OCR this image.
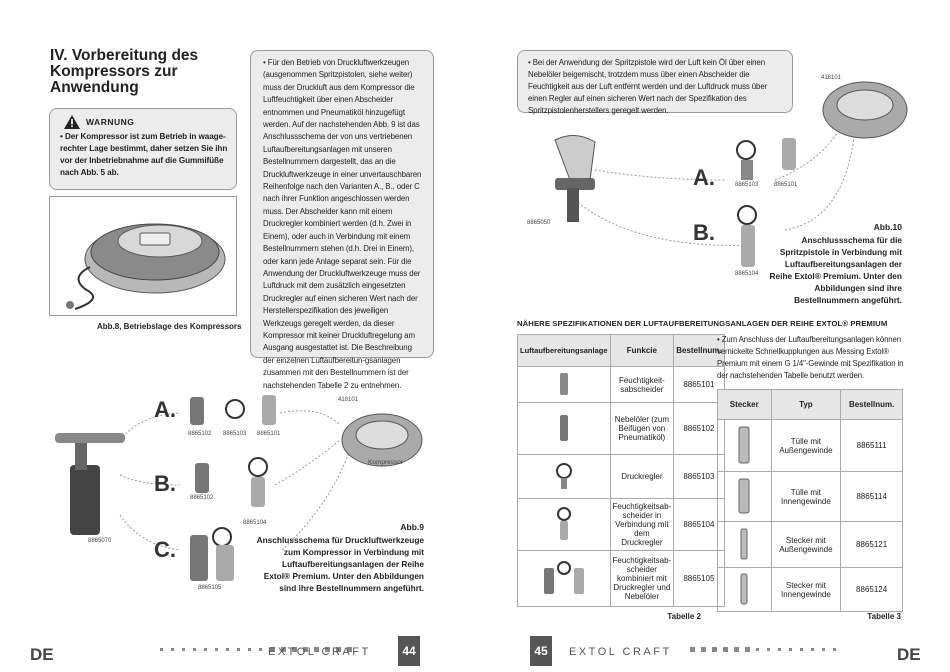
IV. Vorbereitung des Kompressors zur Anwendung
WARNUNG
• Der Kompressor ist zum Betrieb in waage-rechter Lage bestimmt, daher setzen Sie ihn vor der Inbetriebnahme auf die Gummifüße nach Abb. 5 ab.
Abb.8, Betriebslage des Kompressors
• Für den Betrieb von Druckluftwerkzeugen (ausgenommen Spritzpistolen, siehe weiter) muss der Druckluft aus dem Kompressor die Luftfeuchtigkeit über einen Abscheider entnommen und Pneumatiköl hinzugefügt werden. Auf der nachstehenden Abb. 9 ist das Anschlussschema der von uns vertriebenen Luftaufbereitungsanlagen mit unseren Bestellnummern dargestellt, das an die Druckluftwerkzeuge in einer unvertauschbaren Reihenfolge nach den Varianten A., B., oder C nach ihrer Funktion angeschlossen werden muss. Der Abscheider kann mit einem Druckregler kombiniert werden (d.h. Zwei in Einem), oder auch in Verbindung mit einem Bestellnummern stehen (d.h. Drei in Einem), oder kann jede Anlage separat sein. Für die Anwendung der Druckluftwerkzeuge muss der Luftdruck mit dem zusätzlich eingesetzten Druckregler auf einen sicheren Wert nach der Herstellerspezifikation des jeweiligen Werkzeugs geregelt werden, da dieser Kompressor mit keiner Druckluftregelung am Ausgang ausgestattet ist. Die Beschreibung der einzelnen Luftaufbereitun-gsanlagen zusammen mit den Bestellnummern ist der nachstehenden Tabelle 2 zu entnehmen.
A.
B.
C.
8865070
8865102 8865103 8865101
8865102
8865104
8865105
418101
Kompressor
Abb.9
Anschlussschema für Druckluftwerkzeuge zum Kompressor in Verbindung mit Luftaufbereitungsanlagen der Reihe Extol® Premium. Unter den Abbildungen sind ihre Bestellnummern angeführt.
DE	EXTOL CRAFT	44
• Bei der Anwendung der Spritzpistole wird der Luft kein Öl über einen Nebelöler beigemischt, trotzdem muss über einen Abscheider die Feuchtigkeit aus der Luft entfernt werden und der Luftdruck muss über einen Regler auf einen sicheren Wert nach der Spezifikation des Spritzpistolenherstellers geregelt werden.
A.
B.
8865050
8865103	8865101
8865104
418101
Abb.10
Anschlussschema für die Spritzpistole in Verbindung mit Luftaufbereitungsanlagen der Reihe Extol® Premium. Unter den Abbildungen sind ihre Bestellnummern angeführt.
NÄHERE SPEZIFIKATIONEN DER LUFTAUFBEREITUNGSANLAGEN DER REIHE EXTOL® PREMIUM
Luftaufbereitungsanlage	Funkcie	Bestellnum.
	Feuchtigkeit-sabscheider	8865101
	Nebelöler (zum Beifügen von Pneumatiköl)	8865102
	Druckregler	8865103
	Feuchtigkeitsab-scheider in Verbindung mit dem Druckregler	8865104
	Feuchtigkeitsab-scheider kombiniert mit Druckregler und Nebelöler	8865105
Tabelle 2
• Zum Anschluss der Luftaufbereitungsanlagen können vernickelte Schnellkupplungen aus Messing Extol® Premium mit einem G 1/4"-Gewinde mit Spezifikation in der nachstehenden Tabelle benutzt werden.
Stecker	Typ	Bestellnum.
	Tülle mit Außengewinde	8865111
	Tülle mit Innengewinde	8865114
	Stecker mit Außengewinde	8865121
	Stecker mit Innengewinde	8865124
Tabelle 3
45	EXTOL CRAFT	DE
